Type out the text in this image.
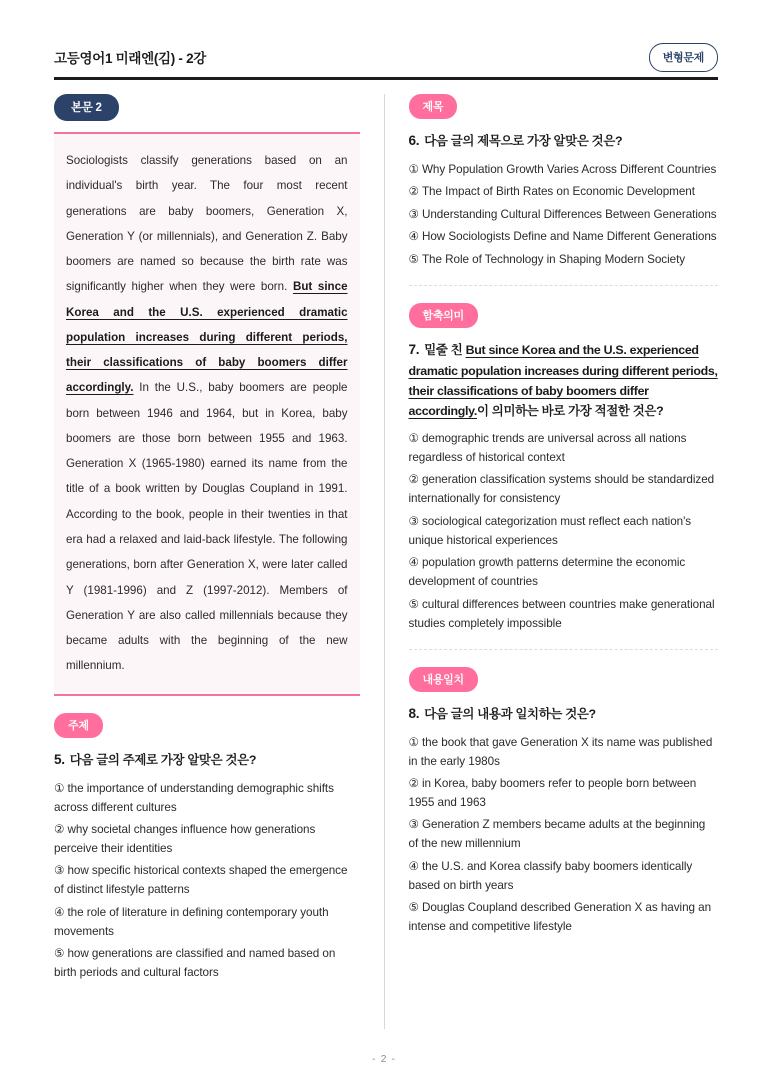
고등영어1 미래엔(김) - 2강	변형문제
본문 2

Sociologists classify generations based on an individual's birth year. The four most recent generations are baby boomers, Generation X, Generation Y (or millennials), and Generation Z. Baby boomers are named so because the birth rate was significantly higher when they were born. But since Korea and the U.S. experienced dramatic population increases during different periods, their classifications of baby boomers differ accordingly. In the U.S., baby boomers are people born between 1946 and 1964, but in Korea, baby boomers are those born between 1955 and 1963. Generation X (1965-1980) earned its name from the title of a book written by Douglas Coupland in 1991. According to the book, people in their twenties in that era had a relaxed and laid-back lifestyle. The following generations, born after Generation X, were later called Y (1981-1996) and Z (1997-2012). Members of Generation Y are also called millennials because they became adults with the beginning of the new millennium.

주제

5. 다음 글의 주제로 가장 알맞은 것은?

① the importance of understanding demographic shifts across different cultures
② why societal changes influence how generations perceive their identities
③ how specific historical contexts shaped the emergence of distinct lifestyle patterns
④ the role of literature in defining contemporary youth movements
⑤ how generations are classified and named based on birth periods and cultural factors
제목

6. 다음 글의 제목으로 가장 알맞은 것은?

① Why Population Growth Varies Across Different Countries
② The Impact of Birth Rates on Economic Development
③ Understanding Cultural Differences Between Generations
④ How Sociologists Define and Name Different Generations
⑤ The Role of Technology in Shaping Modern Society
함축의미

7. 밑줄 친 But since Korea and the U.S. experienced dramatic population increases during different periods, their classifications of baby boomers differ accordingly.이 의미하는 바로 가장 적절한 것은?

① demographic trends are universal across all nations regardless of historical context
② generation classification systems should be standardized internationally for consistency
③ sociological categorization must reflect each nation's unique historical experiences
④ population growth patterns determine the economic development of countries
⑤ cultural differences between countries make generational studies completely impossible
내용일치

8. 다음 글의 내용과 일치하는 것은?

① the book that gave Generation X its name was published in the early 1980s
② in Korea, baby boomers refer to people born between 1955 and 1963
③ Generation Z members became adults at the beginning of the new millennium
④ the U.S. and Korea classify baby boomers identically based on birth years
⑤ Douglas Coupland described Generation X as having an intense and competitive lifestyle
- 2 -
